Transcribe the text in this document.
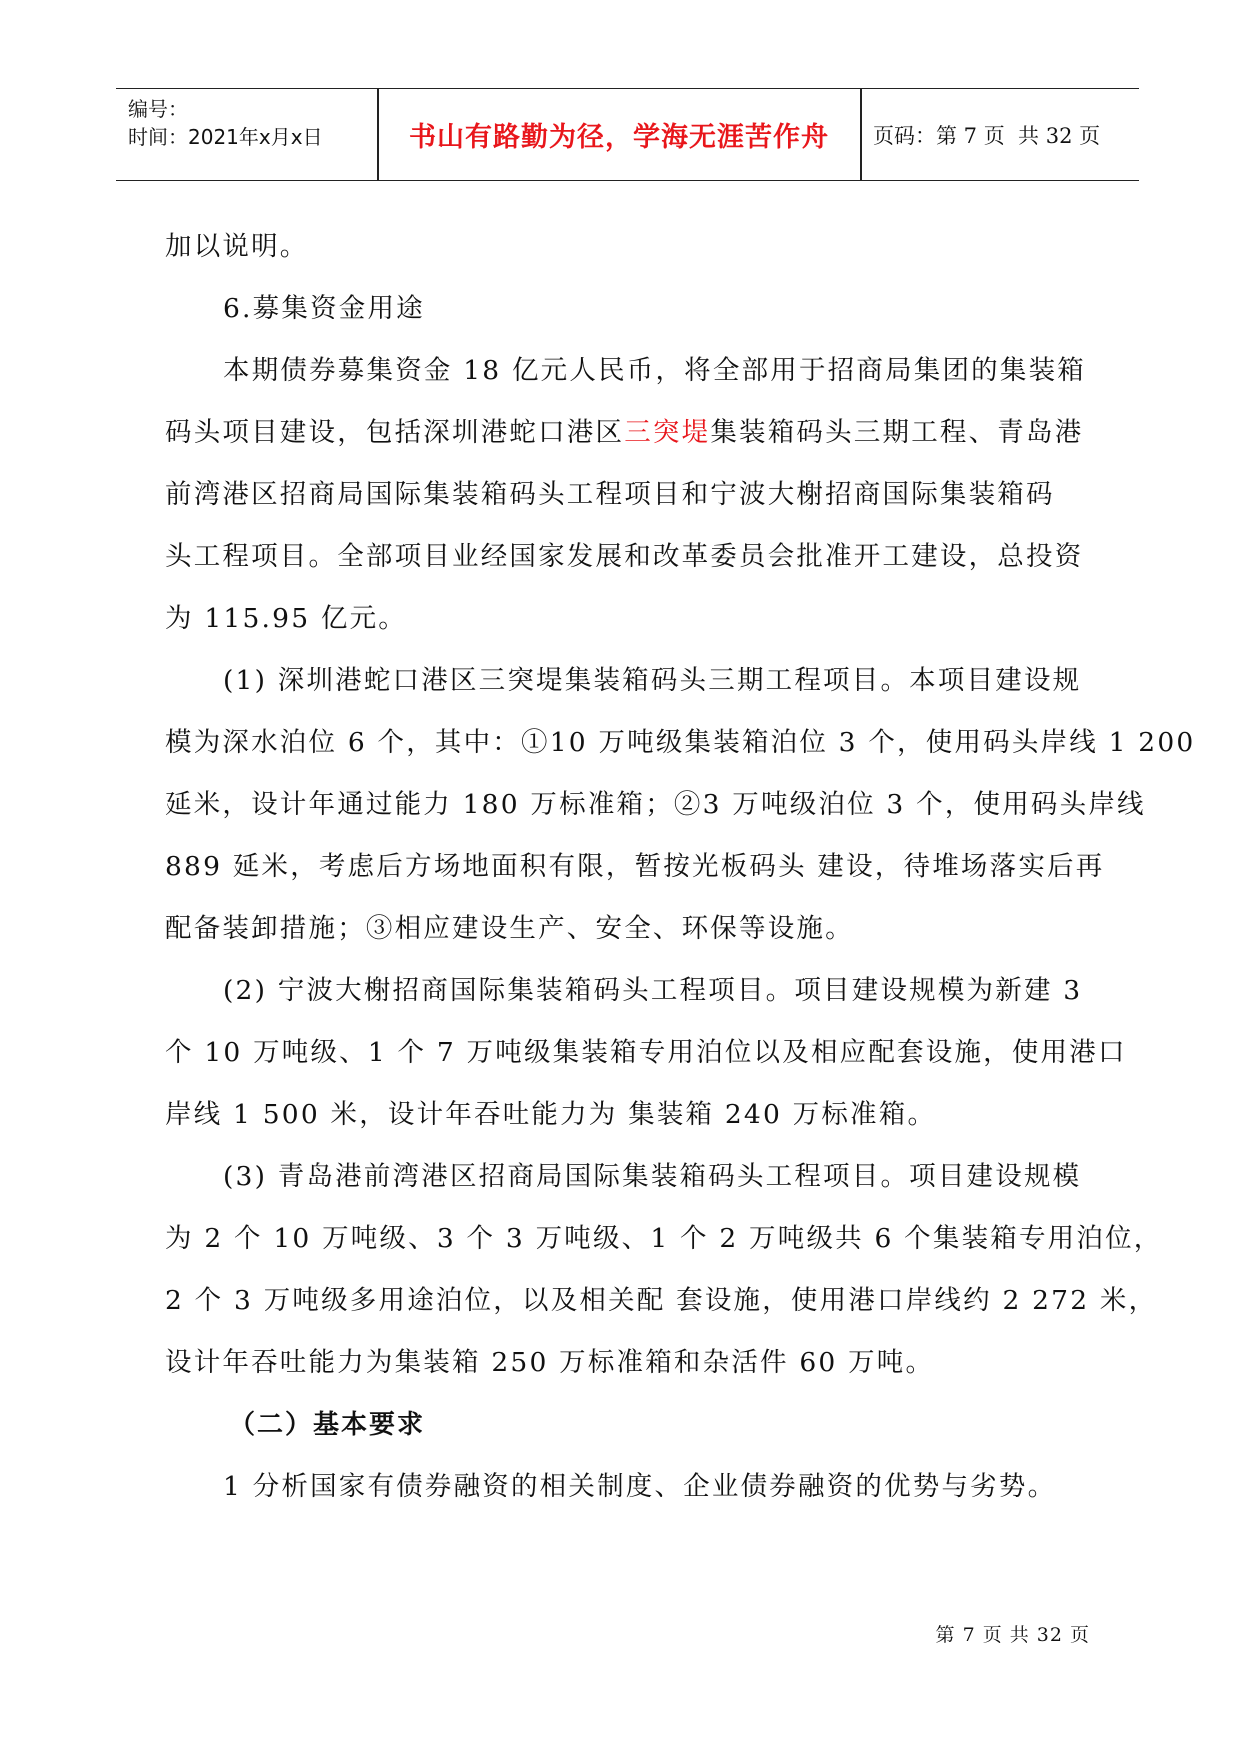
编号：
时间：2021年x月x日	书山有路勤为径，学海无涯苦作舟	页码：第 7 页  共 32 页
加以说明。
6.募集资金用途
本期债券募集资金 18 亿元人民币，将全部用于招商局集团的集装箱
码头项目建设，包括深圳港蛇口港区三突堤集装箱码头三期工程、青岛港
前湾港区招商局国际集装箱码头工程项目和宁波大榭招商国际集装箱码
头工程项目。全部项目业经国家发展和改革委员会批准开工建设，总投资
为 115.95 亿元。
(1) 深圳港蛇口港区三突堤集装箱码头三期工程项目。本项目建设规
模为深水泊位 6 个，其中：①10 万吨级集装箱泊位 3 个，使用码头岸线 1 200
延米，设计年通过能力 180 万标准箱；②3 万吨级泊位 3 个，使用码头岸线
889 延米，考虑后方场地面积有限，暂按光板码头 建设，待堆场落实后再
配备装卸措施；③相应建设生产、安全、环保等设施。
(2) 宁波大榭招商国际集装箱码头工程项目。项目建设规模为新建 3
个 10 万吨级、1 个 7 万吨级集装箱专用泊位以及相应配套设施，使用港口
岸线 1 500 米，设计年吞吐能力为 集装箱 240 万标准箱。
(3) 青岛港前湾港区招商局国际集装箱码头工程项目。项目建设规模
为 2 个 10 万吨级、3 个 3 万吨级、1 个 2 万吨级共 6 个集装箱专用泊位，
2 个 3 万吨级多用途泊位，以及相关配 套设施，使用港口岸线约 2 272 米，
设计年吞吐能力为集装箱 250 万标准箱和杂活件 60 万吨。
（二）基本要求
1 分析国家有债券融资的相关制度、企业债券融资的优势与劣势。
第 7 页 共 32 页
